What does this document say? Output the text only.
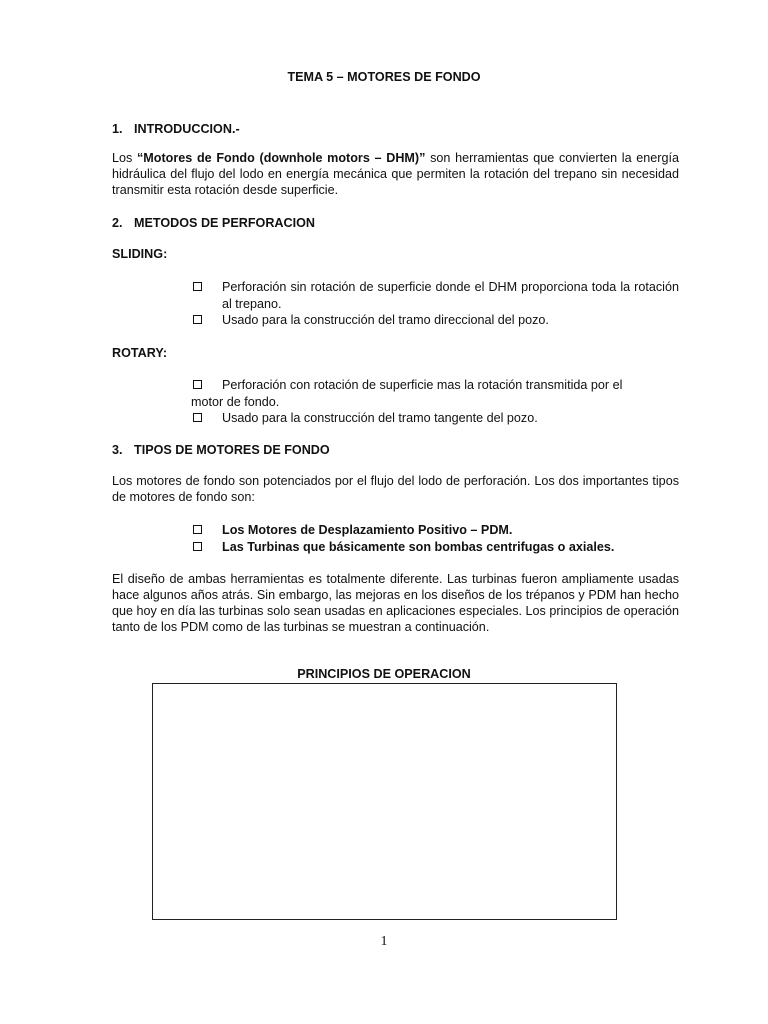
TEMA 5 – MOTORES DE FONDO
1. INTRODUCCION.-
Los “Motores de Fondo (downhole motors – DHM)” son herramientas que convierten la energía hidráulica del flujo del lodo en energía mecánica que permiten la rotación del trepano sin necesidad transmitir esta rotación desde superficie.
2. METODOS DE PERFORACION
SLIDING:

Perforación sin rotación de superficie donde el DHM proporciona toda la rotación al trepano.

Usado para la construcción del tramo direccional del pozo.

ROTARY:

Perforación con rotación de superficie mas la rotación transmitida por el
motor de fondo.

Usado para la construcción del tramo tangente del pozo.

3. TIPOS DE MOTORES DE FONDO
Los motores de fondo son potenciados por el flujo del lodo de perforación. Los dos importantes tipos de motores de fondo son:

Los Motores de Desplazamiento Positivo – PDM.

Las Turbinas que básicamente son bombas centrifugas o axiales.

El diseño de ambas herramientas es totalmente diferente. Las turbinas fueron ampliamente usadas hace algunos años atrás. Sin embargo, las mejoras en los diseños de los trépanos y PDM han hecho que hoy en día las turbinas solo sean usadas en aplicaciones especiales. Los principios de operación tanto de los PDM como de las turbinas se muestran a continuación.
PRINCIPIOS DE OPERACION
1
